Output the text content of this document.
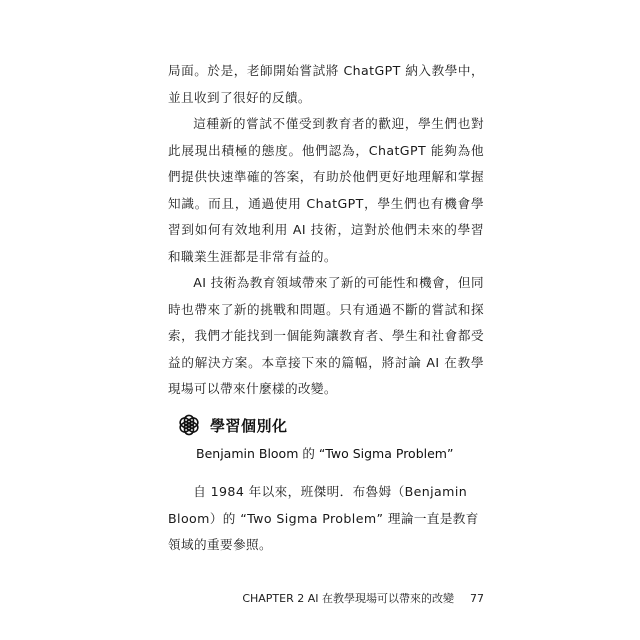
局面。於是，老師開始嘗試將 ChatGPT 納入教學中，並且收到了很好的反饋。

這種新的嘗試不僅受到教育者的歡迎，學生們也對此展現出積極的態度。他們認為，ChatGPT 能夠為他們提供快速準確的答案，有助於他們更好地理解和掌握知識。而且，通過使用 ChatGPT，學生們也有機會學習到如何有效地利用 AI 技術，這對於他們未來的學習和職業生涯都是非常有益的。

AI 技術為教育領域帶來了新的可能性和機會，但同時也帶來了新的挑戰和問題。只有通過不斷的嘗試和探索，我們才能找到一個能夠讓教育者、學生和社會都受益的解決方案。本章接下來的篇幅，將討論 AI 在教學現場可以帶來什麼樣的改變。

學習個別化
Benjamin Bloom 的 “Two Sigma Problem”

自 1984 年以來，班傑明．布魯姆（Benjamin Bloom）的 “Two Sigma Problem” 理論一直是教育領域的重要參照。

CHAPTER 2 AI 在教學現場可以帶來的改變 77
